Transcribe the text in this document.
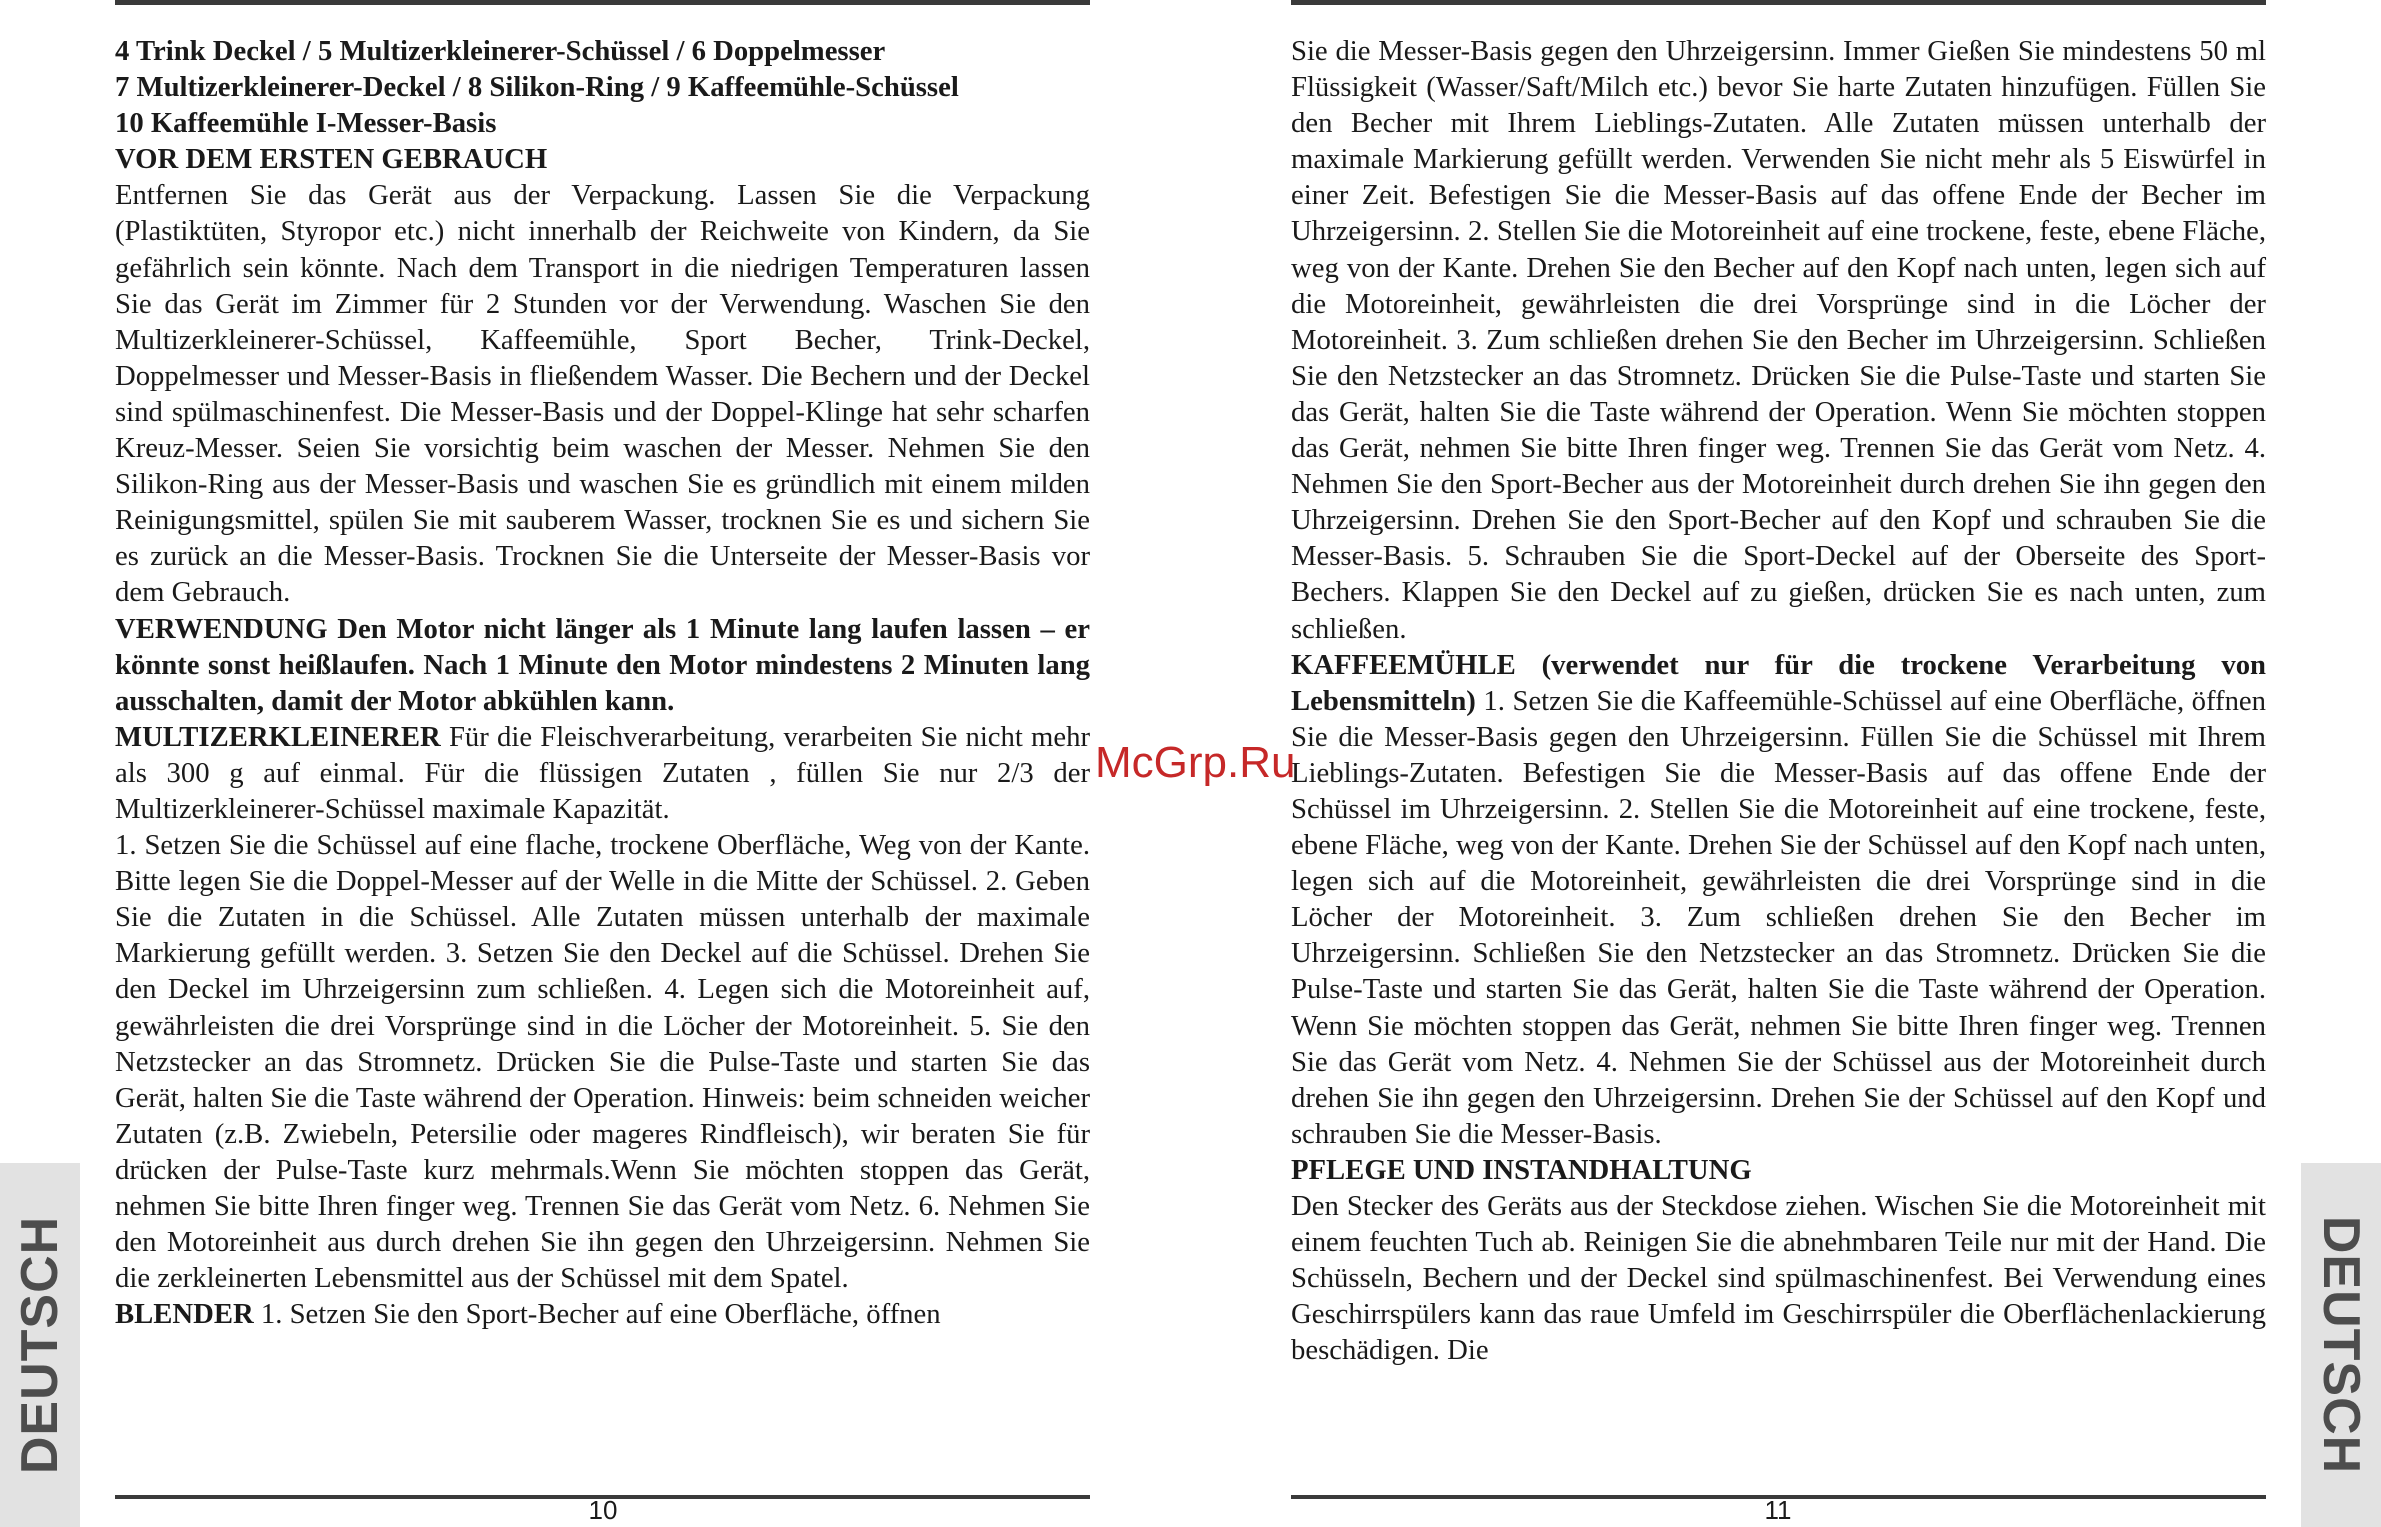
4 Trink Deckel / 5 Multizerkleinerer-Schüssel / 6 Doppelmesser

7 Multizerkleinerer-Deckel / 8 Silikon-Ring / 9 Kaffeemühle-Schüssel

10 Kaffeemühle I-Messer-Basis

VOR DEM ERSTEN GEBRAUCH

Entfernen Sie das Gerät aus der Verpackung. Lassen Sie die Verpackung (Plastiktüten, Styropor etc.) nicht innerhalb der Reichweite von Kindern, da Sie gefährlich sein könnte. Nach dem Transport in die niedrigen Temperaturen lassen Sie das Gerät im Zimmer für 2 Stunden vor der Verwendung. Waschen Sie den Multizerkleinerer-Schüssel, Kaffeemühle, Sport Becher, Trink-Deckel, Doppelmesser und Messer-Basis in fließendem Wasser. Die Bechern und der Deckel sind spülmaschinenfest. Die Messer-Basis und der Doppel-Klinge hat sehr scharfen Kreuz-Messer. Seien Sie vorsichtig beim waschen der Messer. Nehmen Sie den Silikon-Ring aus der Messer-Basis und waschen Sie es gründlich mit einem milden Reinigungsmittel, spülen Sie mit sauberem Wasser, trocknen Sie es und sichern Sie es zurück an die Messer-Basis. Trocknen Sie die Unterseite der Messer-Basis vor dem Gebrauch.

VERWENDUNG Den Motor nicht länger als 1 Minute lang laufen lassen – er könnte sonst heißlaufen. Nach 1 Minute den Motor mindestens 2 Minuten lang ausschalten, damit der Motor abkühlen kann.

MULTIZERKLEINERER Für die Fleischverarbeitung, verarbeiten Sie nicht mehr als 300 g auf einmal. Für die flüssigen Zutaten , füllen Sie nur 2/3 der Multizerkleinerer-Schüssel maximale Kapazität.

1. Setzen Sie die Schüssel auf eine flache, trockene Oberfläche, Weg von der Kante. Bitte legen Sie die Doppel-Messer auf der Welle in die Mitte der Schüssel. 2. Geben Sie die Zutaten in die Schüssel. Alle Zutaten müssen unterhalb der maximale Markierung gefüllt werden. 3. Setzen Sie den Deckel auf die Schüssel. Drehen Sie den Deckel im Uhrzeigersinn zum schließen. 4. Legen sich die Motoreinheit auf, gewährleisten die drei Vorsprünge sind in die Löcher der Motoreinheit. 5. Sie den Netzstecker an das Stromnetz. Drücken Sie die Pulse-Taste und starten Sie das Gerät, halten Sie die Taste während der Operation. Hinweis: beim schneiden weicher Zutaten (z.B. Zwiebeln, Petersilie oder mageres Rindfleisch), wir beraten Sie für drücken der Pulse-Taste kurz mehrmals.Wenn Sie möchten stoppen das Gerät, nehmen Sie bitte Ihren finger weg. Trennen Sie das Gerät vom Netz. 6. Nehmen Sie den Motoreinheit aus durch drehen Sie ihn gegen den Uhrzeigersinn. Nehmen Sie die zerkleinerten Lebensmittel aus der Schüssel mit dem Spatel.

BLENDER 1. Setzen Sie den Sport-Becher auf eine Oberfläche, öffnen

10
DEUTSCH

Sie die Messer-Basis gegen den Uhrzeigersinn. Immer Gießen Sie mindestens 50 ml Flüssigkeit (Wasser/Saft/Milch etc.) bevor Sie harte Zutaten hinzufügen. Füllen Sie den Becher mit Ihrem Lieblings-Zutaten. Alle Zutaten müssen unterhalb der maximale Markierung gefüllt werden. Verwenden Sie nicht mehr als 5 Eiswürfel in einer Zeit. Befestigen Sie die Messer-Basis auf das offene Ende der Becher im Uhrzeigersinn. 2. Stellen Sie die Motoreinheit auf eine trockene, feste, ebene Fläche, weg von der Kante. Drehen Sie den Becher auf den Kopf nach unten, legen sich auf die Motoreinheit, gewährleisten die drei Vorsprünge sind in die Löcher der Motoreinheit. 3. Zum schließen drehen Sie den Becher im Uhrzeigersinn. Schließen Sie den Netzstecker an das Stromnetz. Drücken Sie die Pulse-Taste und starten Sie das Gerät, halten Sie die Taste während der Operation. Wenn Sie möchten stoppen das Gerät, nehmen Sie bitte Ihren finger weg. Trennen Sie das Gerät vom Netz. 4. Nehmen Sie den Sport-Becher aus der Motoreinheit durch drehen Sie ihn gegen den Uhrzeigersinn. Drehen Sie den Sport-Becher auf den Kopf und schrauben Sie die Messer-Basis. 5. Schrauben Sie die Sport-Deckel auf der Oberseite des Sport-Bechers. Klappen Sie den Deckel auf zu gießen, drücken Sie es nach unten, zum schließen.

KAFFEEMÜHLE (verwendet nur für die trockene Verarbeitung von Lebensmitteln) 1. Setzen Sie die Kaffeemühle-Schüssel auf eine Oberfläche, öffnen Sie die Messer-Basis gegen den Uhrzeigersinn. Füllen Sie die Schüssel mit Ihrem Lieblings-Zutaten. Befestigen Sie die Messer-Basis auf das offene Ende der Schüssel im Uhrzeigersinn. 2. Stellen Sie die Motoreinheit auf eine trockene, feste, ebene Fläche, weg von der Kante. Drehen Sie der Schüssel auf den Kopf nach unten, legen sich auf die Motoreinheit, gewährleisten die drei Vorsprünge sind in die Löcher der Motoreinheit. 3. Zum schließen drehen Sie den Becher im Uhrzeigersinn. Schließen Sie den Netzstecker an das Stromnetz. Drücken Sie die Pulse-Taste und starten Sie das Gerät, halten Sie die Taste während der Operation. Wenn Sie möchten stoppen das Gerät, nehmen Sie bitte Ihren finger weg. Trennen Sie das Gerät vom Netz. 4. Nehmen Sie der Schüssel aus der Motoreinheit durch drehen Sie ihn gegen den Uhrzeigersinn. Drehen Sie der Schüssel auf den Kopf und schrauben Sie die Messer-Basis.

PFLEGE UND INSTANDHALTUNG

Den Stecker des Geräts aus der Steckdose ziehen. Wischen Sie die Motoreinheit mit einem feuchten Tuch ab. Reinigen Sie die abnehmbaren Teile nur mit der Hand. Die Schüsseln, Bechern und der Deckel sind spülmaschinenfest. Bei Verwendung eines Geschirrspülers kann das raue Umfeld im Geschirrspüler die Oberflächenlackierung beschädigen. Die

11
DEUTSCH
McGrp.Ru
